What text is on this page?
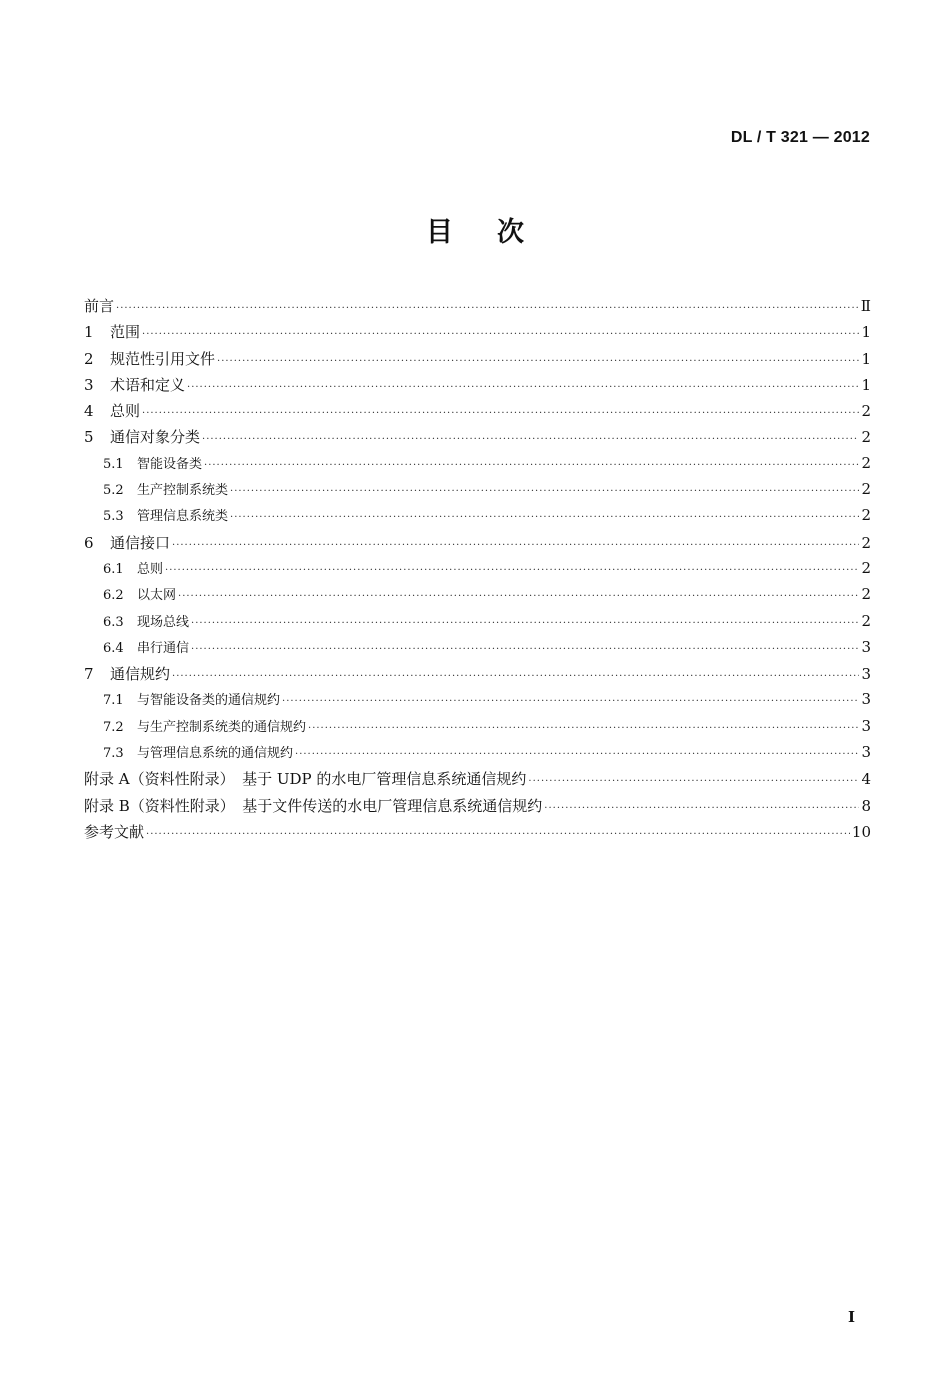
DL / T 321 — 2012
目次
前言 ·····	Ⅱ
1	范围 ·····	1
2	规范性引用文件 ·····	1
3	术语和定义 ·····	1
4	总则 ·····	2
5	通信对象分类 ·····	2
5.1	智能设备类 ·····	2
5.2	生产控制系统类 ·····	2
5.3	管理信息系统类 ·····	2
6	通信接口 ·····	2
6.1	总则 ·····	2
6.2	以太网 ·····	2
6.3	现场总线 ·····	2
6.4	串行通信 ·····	3
7	通信规约 ·····	3
7.1	与智能设备类的通信规约 ·····	3
7.2	与生产控制系统类的通信规约 ·····	3
7.3	与管理信息系统的通信规约 ·····	3
附录 A（资料性附录）　基于 UDP 的水电厂管理信息系统通信规约 ·····	4
附录 B（资料性附录）　基于文件传送的水电厂管理信息系统通信规约 ·····	8
参考文献 ·····	10
I
